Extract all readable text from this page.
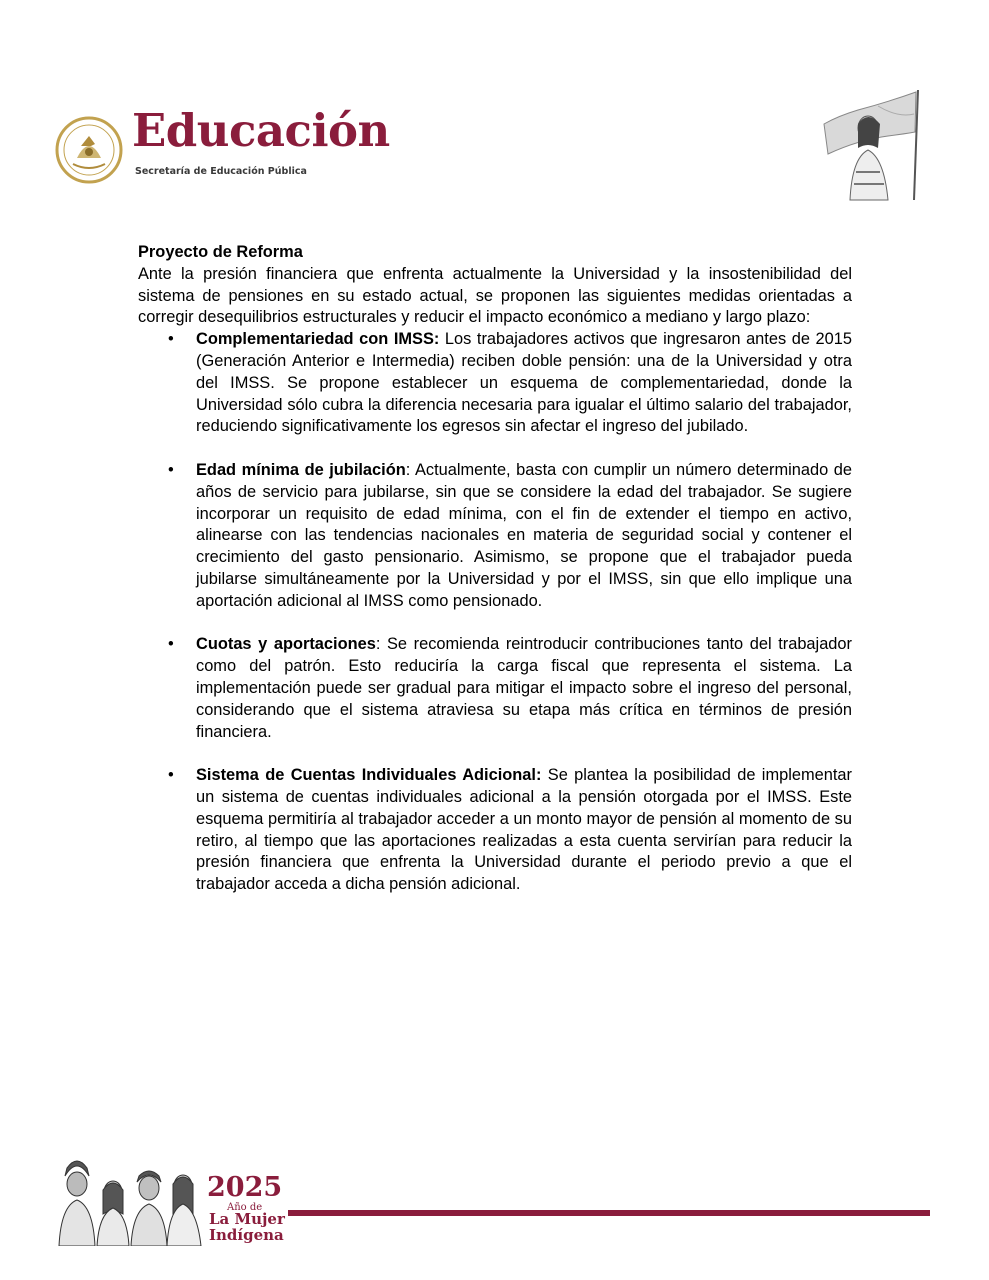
Educación
Secretaría de Educación Pública

Proyecto de Reforma

Ante la presión financiera que enfrenta actualmente la Universidad y la insostenibilidad del sistema de pensiones en su estado actual, se proponen las siguientes medidas orientadas a corregir desequilibrios estructurales y reducir el impacto económico a mediano y largo plazo:

• Complementariedad con IMSS: Los trabajadores activos que ingresaron antes de 2015 (Generación Anterior e Intermedia) reciben doble pensión: una de la Universidad y otra del IMSS. Se propone establecer un esquema de complementariedad, donde la Universidad sólo cubra la diferencia necesaria para igualar el último salario del trabajador, reduciendo significativamente los egresos sin afectar el ingreso del jubilado.
• Edad mínima de jubilación: Actualmente, basta con cumplir un número determinado de años de servicio para jubilarse, sin que se considere la edad del trabajador. Se sugiere incorporar un requisito de edad mínima, con el fin de extender el tiempo en activo, alinearse con las tendencias nacionales en materia de seguridad social y contener el crecimiento del gasto pensionario. Asimismo, se propone que el trabajador pueda jubilarse simultáneamente por la Universidad y por el IMSS, sin que ello implique una aportación adicional al IMSS como pensionado.
• Cuotas y aportaciones: Se recomienda reintroducir contribuciones tanto del trabajador como del patrón. Esto reduciría la carga fiscal que representa el sistema. La implementación puede ser gradual para mitigar el impacto sobre el ingreso del personal, considerando que el sistema atraviesa su etapa más crítica en términos de presión financiera.
• Sistema de Cuentas Individuales Adicional: Se plantea la posibilidad de implementar un sistema de cuentas individuales adicional a la pensión otorgada por el IMSS. Este esquema permitiría al trabajador acceder a un monto mayor de pensión al momento de su retiro, al tiempo que las aportaciones realizadas a esta cuenta servirían para reducir la presión financiera que enfrenta la Universidad durante el periodo previo a que el trabajador acceda a dicha pensión adicional.
2025
Año de
La Mujer
Indígena
